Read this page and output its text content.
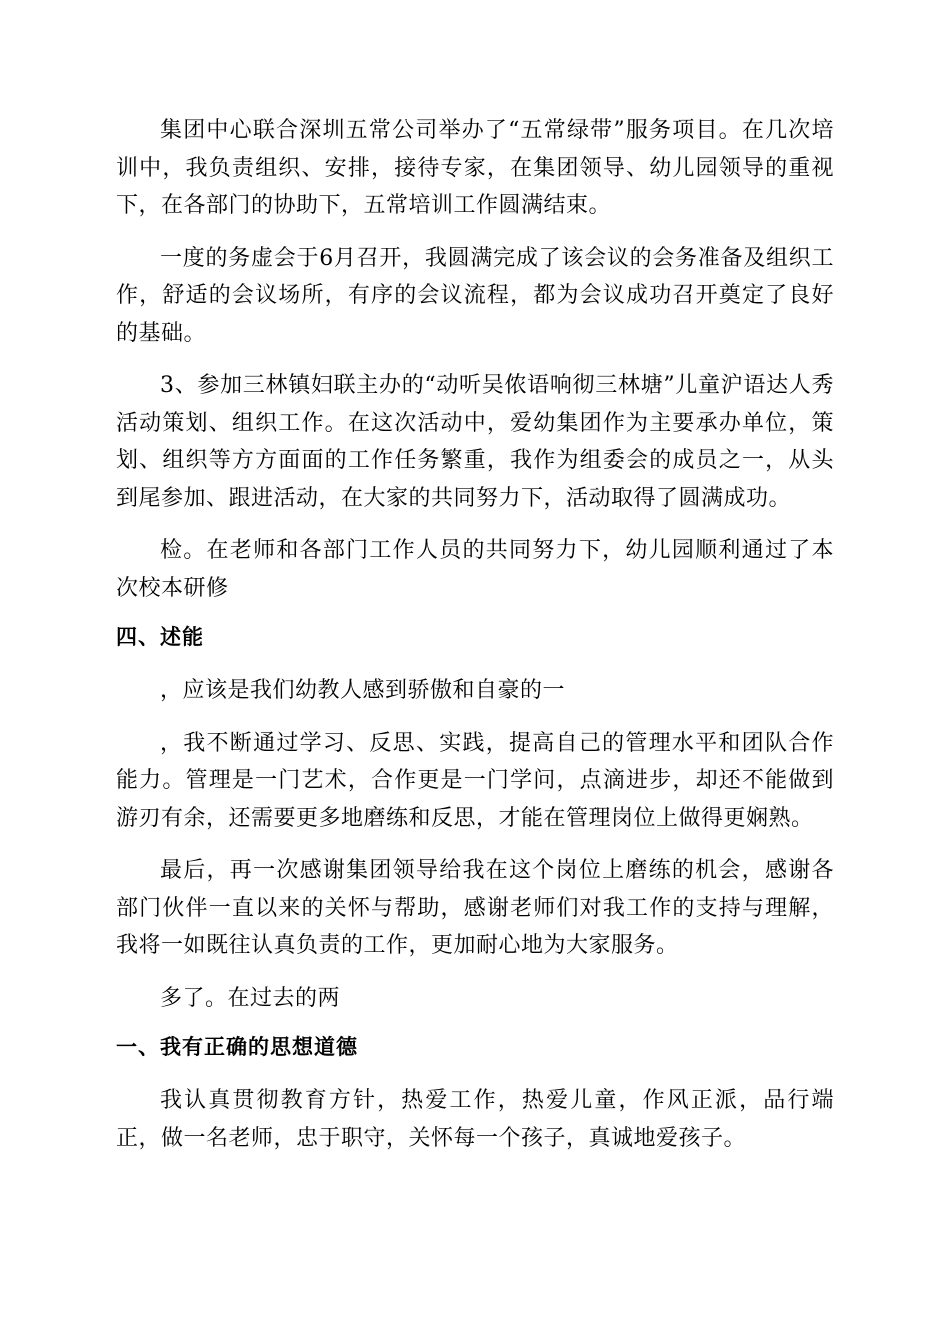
集团中心联合深圳五常公司举办了“五常绿带”服务项目。在几次培训中，我负责组织、安排，接待专家，在集团领导、幼儿园领导的重视下，在各部门的协助下，五常培训工作圆满结束。

一度的务虚会于6月召开，我圆满完成了该会议的会务准备及组织工作，舒适的会议场所，有序的会议流程，都为会议成功召开奠定了良好的基础。

3、参加三林镇妇联主办的“动听吴侬语响彻三林塘”儿童沪语达人秀活动策划、组织工作。在这次活动中，爱幼集团作为主要承办单位，策划、组织等方方面面的工作任务繁重，我作为组委会的成员之一，从头到尾参加、跟进活动，在大家的共同努力下，活动取得了圆满成功。

检。在老师和各部门工作人员的共同努力下，幼儿园顺利通过了本次校本研修

四、述能

，应该是我们幼教人感到骄傲和自豪的一

，我不断通过学习、反思、实践，提高自己的管理水平和团队合作能力。管理是一门艺术，合作更是一门学问，点滴进步，却还不能做到游刃有余，还需要更多地磨练和反思，才能在管理岗位上做得更娴熟。

最后，再一次感谢集团领导给我在这个岗位上磨练的机会，感谢各部门伙伴一直以来的关怀与帮助，感谢老师们对我工作的支持与理解，我将一如既往认真负责的工作，更加耐心地为大家服务。

多了。在过去的两

一、我有正确的思想道德

我认真贯彻教育方针，热爱工作，热爱儿童，作风正派，品行端正，做一名老师，忠于职守，关怀每一个孩子，真诚地爱孩子。
